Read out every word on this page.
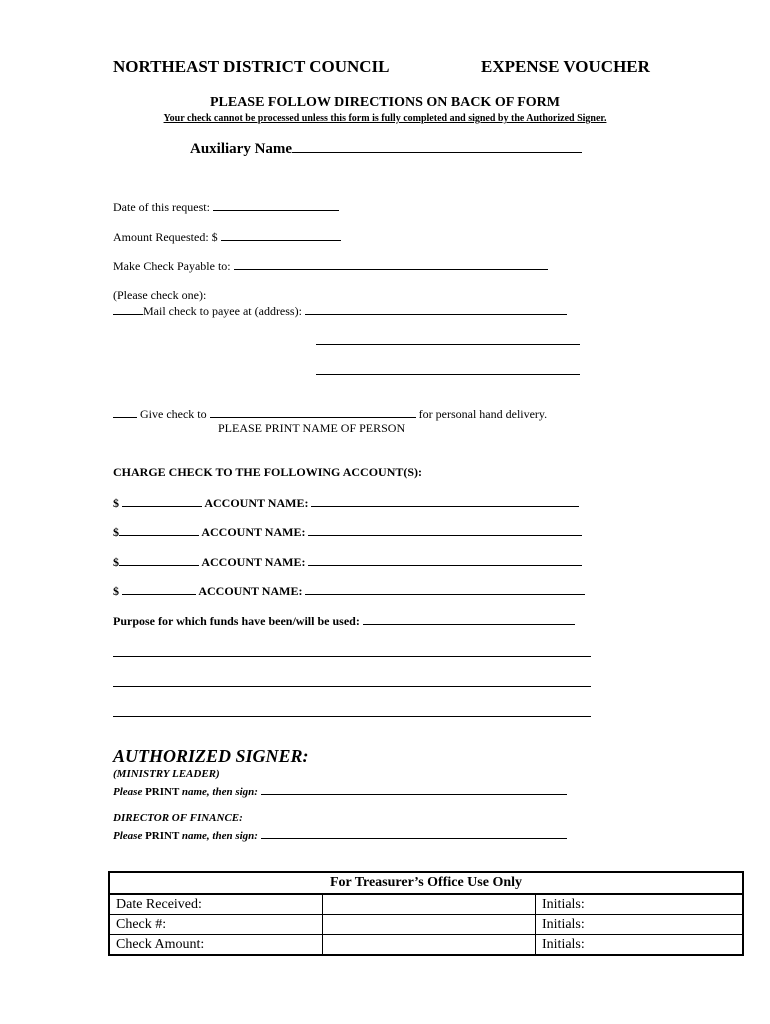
NORTHEAST DISTRICT COUNCIL	EXPENSE VOUCHER
PLEASE FOLLOW DIRECTIONS ON BACK OF FORM
Your check cannot be processed unless this form is fully completed and signed by the Authorized Signer.
Auxiliary Name
Date of this request:
Amount Requested: $
Make Check Payable to:
(Please check one):
Mail check to payee at (address):
Give check to	for personal hand delivery.
PLEASE PRINT NAME OF PERSON
CHARGE CHECK TO THE FOLLOWING ACCOUNT(S):
$	ACCOUNT NAME:
$	ACCOUNT NAME:
$	ACCOUNT NAME:
$	ACCOUNT NAME:
Purpose for which funds have been/will be used:
AUTHORIZED SIGNER:
(MINISTRY LEADER)
Please PRINT name, then sign:
DIRECTOR OF FINANCE:
Please PRINT name, then sign:
For Treasurer’s Office Use Only		
Date Received:		Initials:
Check #:		Initials:
Check Amount:		Initials:
